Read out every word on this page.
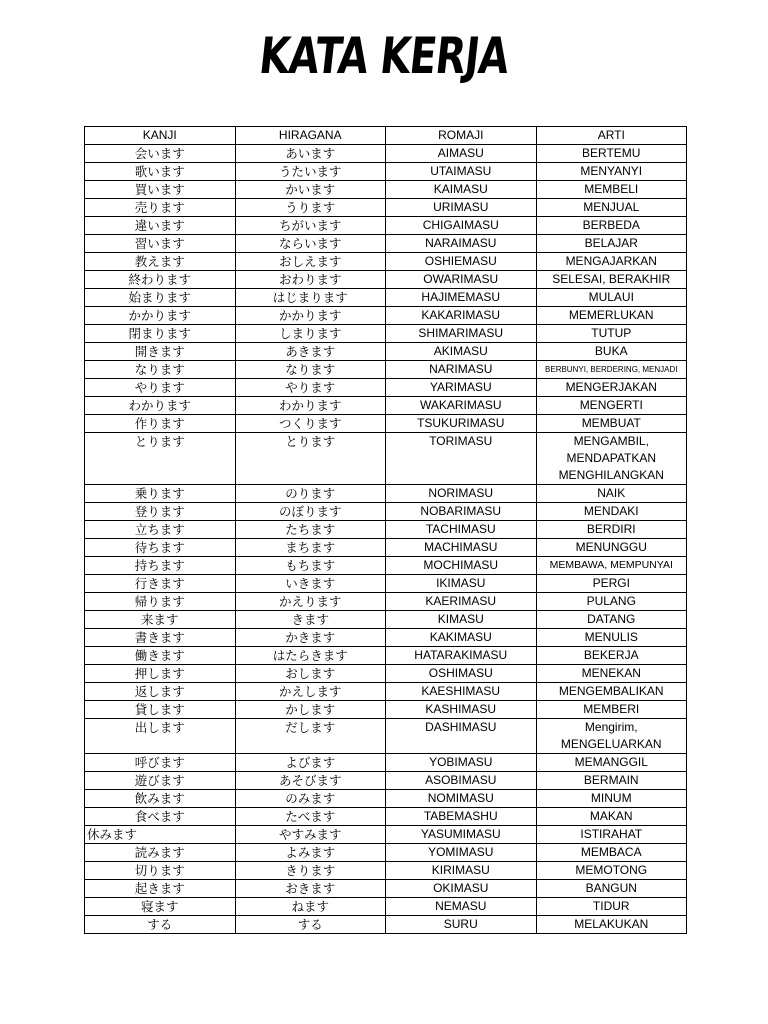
KATA KERJA
KANJI	HIRAGANA	ROMAJI	ARTI
会います	あいます	AIMASU	BERTEMU
歌います	うたいます	UTAIMASU	MENYANYI
買います	かいます	KAIMASU	MEMBELI
売ります	うります	URIMASU	MENJUAL
違います	ちがいます	CHIGAIMASU	BERBEDA
習います	ならいます	NARAIMASU	BELAJAR
教えます	おしえます	OSHIEMASU	MENGAJARKAN
終わります	おわります	OWARIMASU	SELESAI, BERAKHIR
始まります	はじまります	HAJIMEMASU	MULAUI
かかります	かかります	KAKARIMASU	MEMERLUKAN
閉まります	しまります	SHIMARIMASU	TUTUP
開きます	あきます	AKIMASU	BUKA
なります	なります	NARIMASU	BERBUNYI, BERDERING, MENJADI
やります	やります	YARIMASU	MENGERJAKAN
わかります	わかります	WAKARIMASU	MENGERTI
作ります	つくります	TSUKURIMASU	MEMBUAT
とります	とります	TORIMASU	MENGAMBIL, MENDAPATKAN MENGHILANGKAN
乗ります	のります	NORIMASU	NAIK
登ります	のぼります	NOBARIMASU	MENDAKI
立ちます	たちます	TACHIMASU	BERDIRI
待ちます	まちます	MACHIMASU	MENUNGGU
持ちます	もちます	MOCHIMASU	MEMBAWA, MEMPUNYAI
行きます	いきます	IKIMASU	PERGI
帰ります	かえります	KAERIMASU	PULANG
来ます	きます	KIMASU	DATANG
書きます	かきます	KAKIMASU	MENULIS
働きます	はたらきます	HATARAKIMASU	BEKERJA
押します	おします	OSHIMASU	MENEKAN
返します	かえします	KAESHIMASU	MENGEMBALIKAN
貸します	かします	KASHIMASU	MEMBERI
出します	だします	DASHIMASU	Mengirim, MENGELUARKAN
呼びます	よびます	YOBIMASU	MEMANGGIL
遊びます	あそびます	ASOBIMASU	BERMAIN
飲みます	のみます	NOMIMASU	MINUM
食べます	たべます	TABEMASHU	MAKAN
休みます	やすみます	YASUMIMASU	ISTIRAHAT
読みます	よみます	YOMIMASU	MEMBACA
切ります	きります	KIRIMASU	MEMOTONG
起きます	おきます	OKIMASU	BANGUN
寝ます	ねます	NEMASU	TIDUR
する	する	SURU	MELAKUKAN
